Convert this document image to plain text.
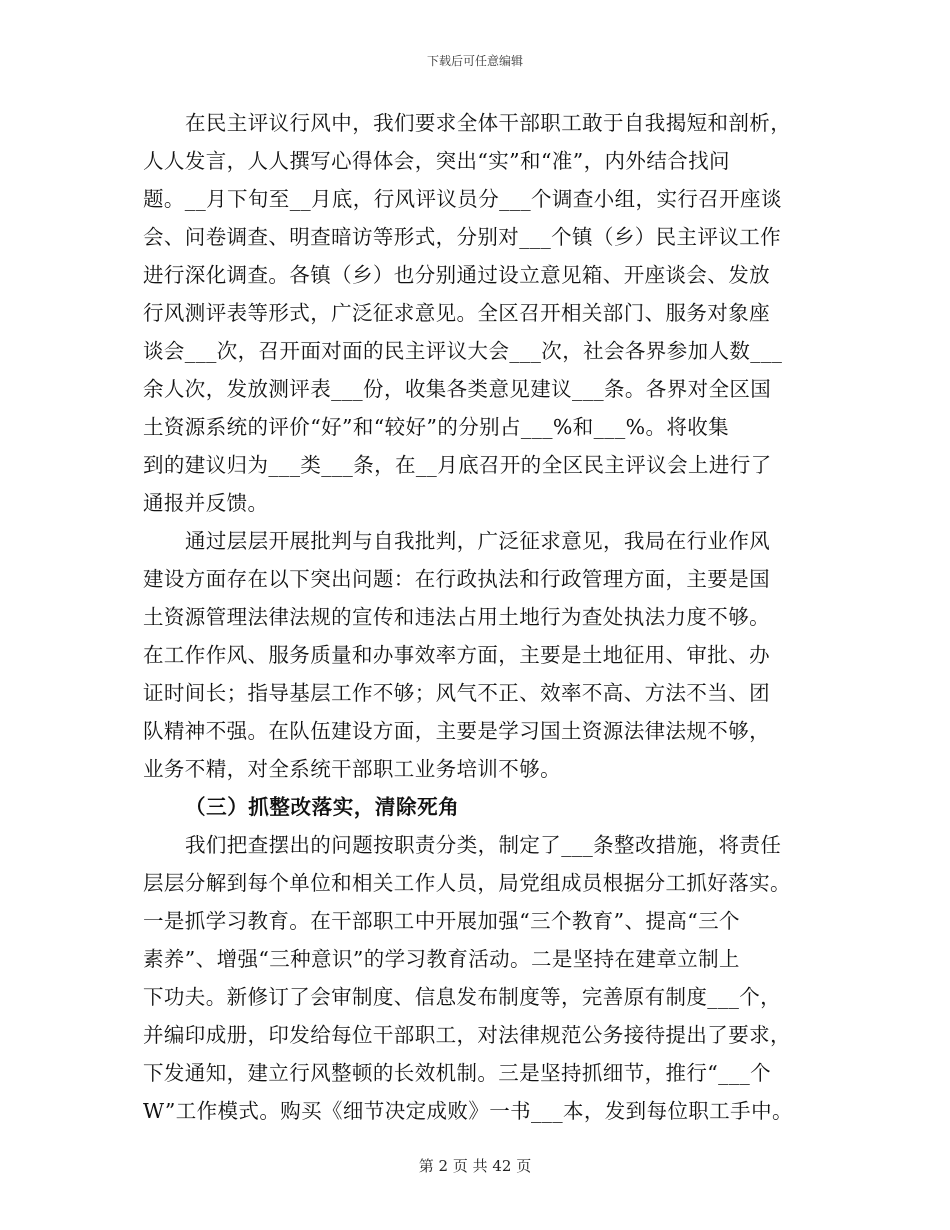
下载后可任意编辑
在民主评议行风中，我们要求全体干部职工敢于自我揭短和剖析，
人人发言，人人撰写心得体会，突出“实”和“准”，内外结合找问
题。__月下旬至__月底，行风评议员分___个调查小组，实行召开座谈
会、问卷调查、明查暗访等形式，分别对___个镇（乡）民主评议工作
进行深化调查。各镇（乡）也分别通过设立意见箱、开座谈会、发放
行风测评表等形式，广泛征求意见。全区召开相关部门、服务对象座
谈会___次，召开面对面的民主评议大会___次，社会各界参加人数___
余人次，发放测评表___份，收集各类意见建议___条。各界对全区国
土资源系统的评价“好”和“较好”的分别占___%和___%。将收集
到的建议归为___类___条，在__月底召开的全区民主评议会上进行了
通报并反馈。
通过层层开展批判与自我批判，广泛征求意见，我局在行业作风
建设方面存在以下突出问题：在行政执法和行政管理方面，主要是国
土资源管理法律法规的宣传和违法占用土地行为查处执法力度不够。
在工作作风、服务质量和办事效率方面，主要是土地征用、审批、办
证时间长；指导基层工作不够；风气不正、效率不高、方法不当、团
队精神不强。在队伍建设方面，主要是学习国土资源法律法规不够，
业务不精，对全系统干部职工业务培训不够。
（三）抓整改落实，清除死角
我们把查摆出的问题按职责分类，制定了___条整改措施，将责任
层层分解到每个单位和相关工作人员，局党组成员根据分工抓好落实。
一是抓学习教育。在干部职工中开展加强“三个教育”、提高“三个
素养”、增强“三种意识”的学习教育活动。二是坚持在建章立制上
下功夫。新修订了会审制度、信息发布制度等，完善原有制度___个，
并编印成册，印发给每位干部职工，对法律规范公务接待提出了要求，
下发通知，建立行风整顿的长效机制。三是坚持抓细节，推行“___个
W”工作模式。购买《细节决定成败》一书___本，发到每位职工手中。
第 2 页 共 42 页
